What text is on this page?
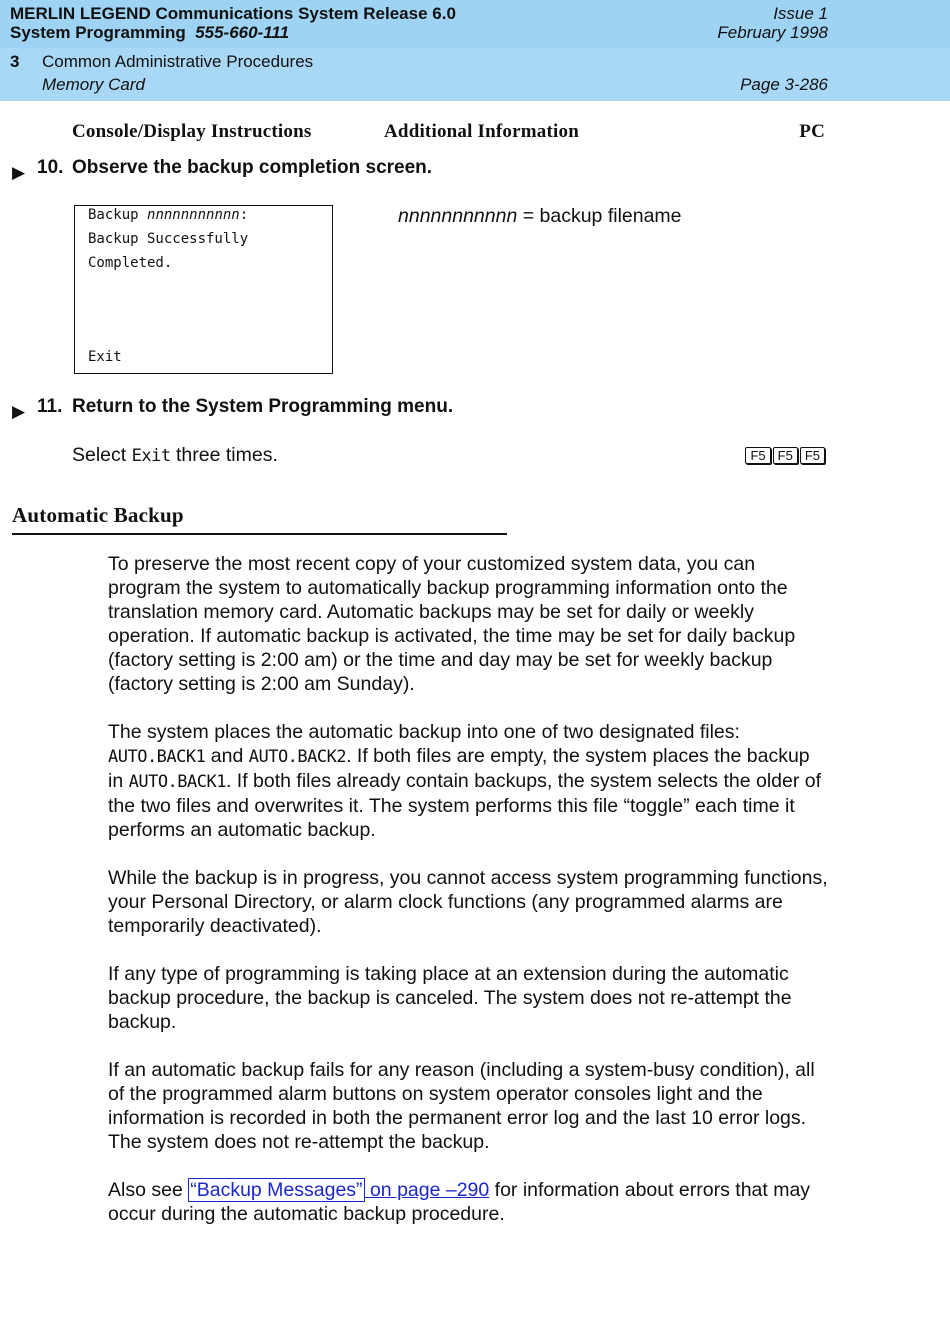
MERLIN LEGEND Communications System Release 6.0
System Programming 555-660-111
Issue 1
February 1998
3 Common Administrative Procedures
Memory Card	Page 3-286
Console/Display Instructions	Additional Information	PC
▶ 10. Observe the backup completion screen.
Backup nnnnnnnnnnn:
Backup Successfully
Completed.
Exit
nnnnnnnnnnn = backup filename
▶ 11. Return to the System Programming menu.
Select Exit three times.	F5 F5 F5
Automatic Backup

To preserve the most recent copy of your customized system data, you can program the system to automatically backup programming information onto the translation memory card. Automatic backups may be set for daily or weekly operation. If automatic backup is activated, the time may be set for daily backup (factory setting is 2:00 am) or the time and day may be set for weekly backup (factory setting is 2:00 am Sunday).

The system places the automatic backup into one of two designated files: AUTO.BACK1 and AUTO.BACK2. If both files are empty, the system places the backup in AUTO.BACK1. If both files already contain backups, the system selects the older of the two files and overwrites it. The system performs this file “toggle” each time it performs an automatic backup.

While the backup is in progress, you cannot access system programming functions, your Personal Directory, or alarm clock functions (any programmed alarms are temporarily deactivated).

If any type of programming is taking place at an extension during the automatic backup procedure, the backup is canceled. The system does not re-attempt the backup.

If an automatic backup fails for any reason (including a system-busy condition), all of the programmed alarm buttons on system operator consoles light and the information is recorded in both the permanent error log and the last 10 error logs. The system does not re-attempt the backup.

Also see “Backup Messages” on page –290 for information about errors that may occur during the automatic backup procedure.
